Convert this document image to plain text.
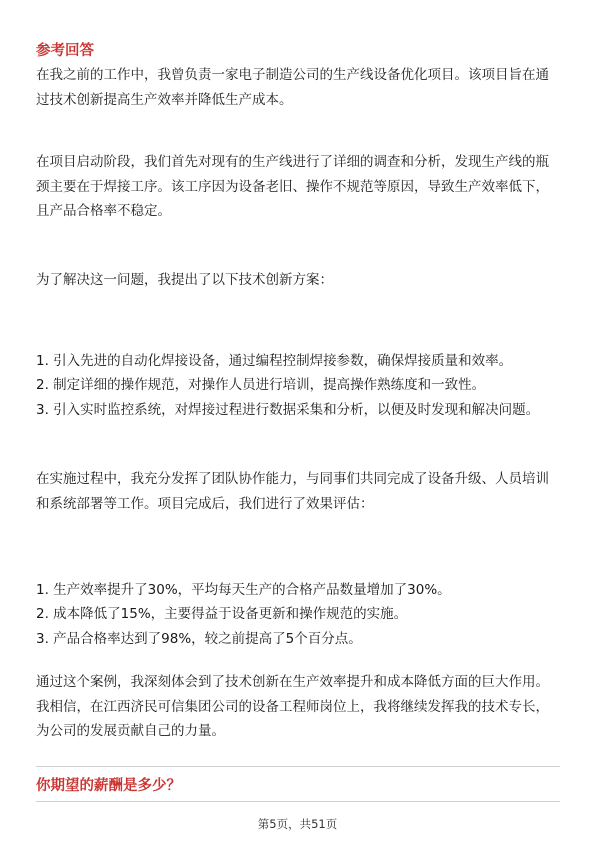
参考回答
在我之前的工作中，我曾负责一家电子制造公司的生产线设备优化项目。该项目旨在通过技术创新提高生产效率并降低生产成本。
在项目启动阶段，我们首先对现有的生产线进行了详细的调查和分析，发现生产线的瓶颈主要在于焊接工序。该工序因为设备老旧、操作不规范等原因，导致生产效率低下，且产品合格率不稳定。
为了解决这一问题，我提出了以下技术创新方案：

1. 引入先进的自动化焊接设备，通过编程控制焊接参数，确保焊接质量和效率。
2. 制定详细的操作规范，对操作人员进行培训，提高操作熟练度和一致性。
3. 引入实时监控系统，对焊接过程进行数据采集和分析，以便及时发现和解决问题。

在实施过程中，我充分发挥了团队协作能力，与同事们共同完成了设备升级、人员培训和系统部署等工作。项目完成后，我们进行了效果评估：

1. 生产效率提升了30%，平均每天生产的合格产品数量增加了30%。
2. 成本降低了15%，主要得益于设备更新和操作规范的实施。
3. 产品合格率达到了98%，较之前提高了5个百分点。

通过这个案例，我深刻体会到了技术创新在生产效率提升和成本降低方面的巨大作用。我相信，在江西济民可信集团公司的设备工程师岗位上，我将继续发挥我的技术专长，为公司的发展贡献自己的力量。
你期望的薪酬是多少？
第5页，共51页
